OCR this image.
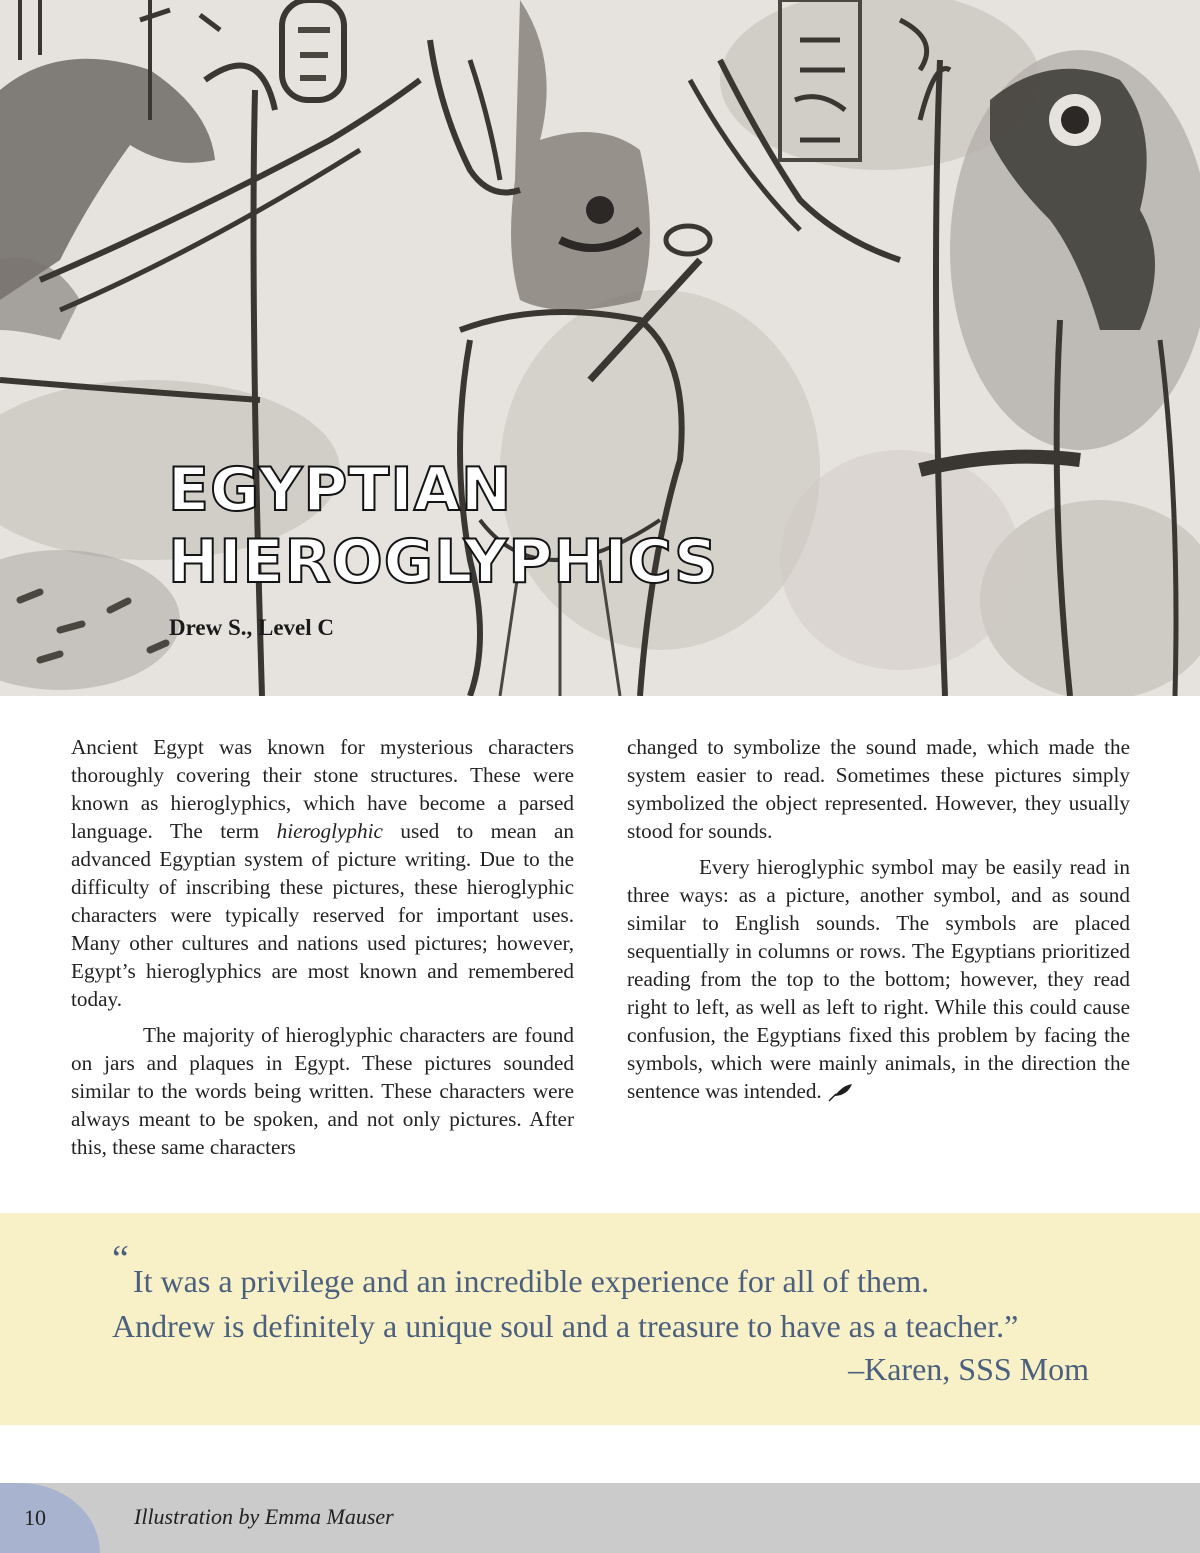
EGYPTIAN
HIEROGLYPHICS
Drew S., Level C

Ancient Egypt was known for mysterious characters thoroughly covering their stone structures. These were known as hieroglyphics, which have become a parsed language. The term hieroglyphic used to mean an advanced Egyptian system of picture writing. Due to the difficulty of inscribing these pictures, these hieroglyphic characters were typically reserved for important uses. Many other cultures and nations used pictures; however, Egypt’s hieroglyphics are most known and remembered today.

The majority of hieroglyphic characters are found on jars and plaques in Egypt. These pictures sounded similar to the words being written. These characters were always meant to be spoken, and not only pictures. After this, these same characters

changed to symbolize the sound made, which made the system easier to read. Sometimes these pictures simply symbolized the object represented. However, they usually stood for sounds.

Every hieroglyphic symbol may be easily read in three ways: as a picture, another symbol, and as sound similar to English sounds. The symbols are placed sequentially in columns or rows. The Egyptians prioritized reading from the top to the bottom; however, they read right to left, as well as left to right. While this could cause confusion, the Egyptians fixed this problem by facing the symbols, which were mainly animals, in the direction the sentence was intended.

“
It was a privilege and an incredible experience for all of them.
Andrew is definitely a unique soul and a treasure to have as a teacher.”
–Karen, SSS Mom
10	Illustration by Emma Mauser
